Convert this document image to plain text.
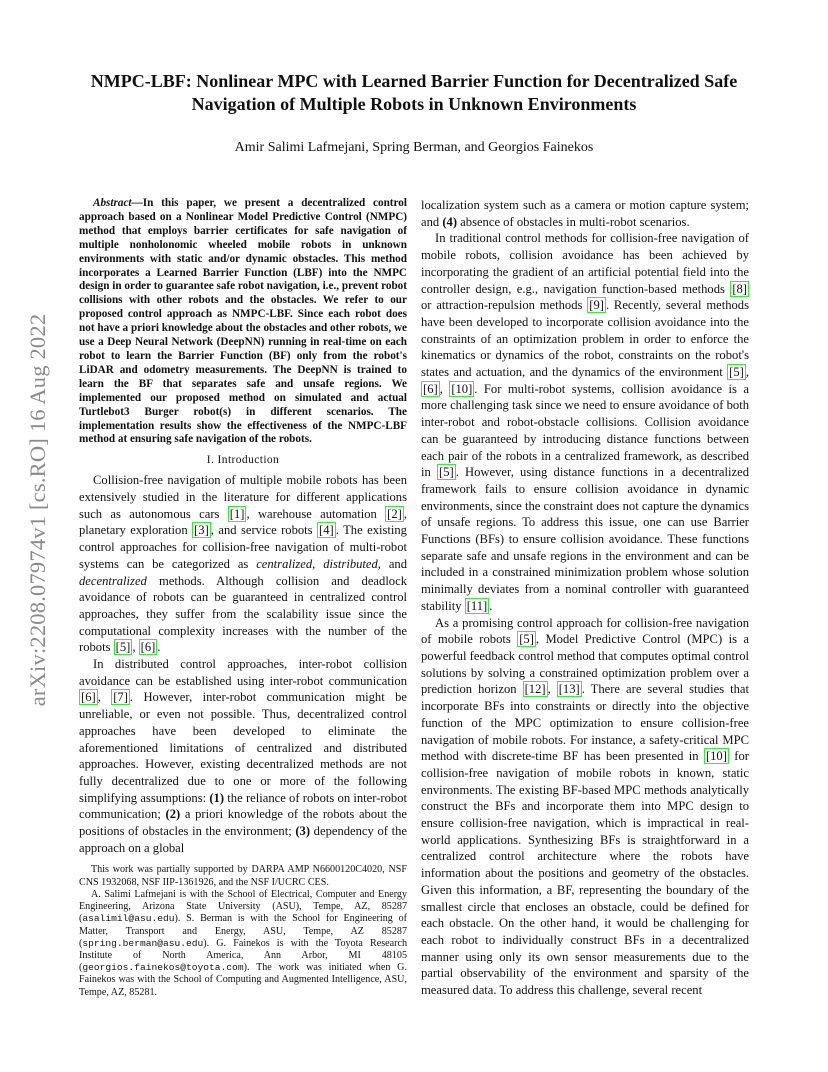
NMPC-LBF: Nonlinear MPC with Learned Barrier Function for Decentralized Safe
Navigation of Multiple Robots in Unknown Environments
Amir Salimi Lafmejani, Spring Berman, and Georgios Fainekos
arXiv:2208.07974v1 [cs.RO] 16 Aug 2022

Abstract—In this paper, we present a decentralized control approach based on a Nonlinear Model Predictive Control (NMPC) method that employs barrier certificates for safe navigation of multiple nonholonomic wheeled mobile robots in unknown environments with static and/or dynamic obstacles. This method incorporates a Learned Barrier Function (LBF) into the NMPC design in order to guarantee safe robot navigation, i.e., prevent robot collisions with other robots and the obstacles. We refer to our proposed control approach as NMPC-LBF. Since each robot does not have a priori knowledge about the obstacles and other robots, we use a Deep Neural Network (DeepNN) running in real-time on each robot to learn the Barrier Function (BF) only from the robot's LiDAR and odometry measurements. The DeepNN is trained to learn the BF that separates safe and unsafe regions. We implemented our proposed method on simulated and actual Turtlebot3 Burger robot(s) in different scenarios. The implementation results show the effectiveness of the NMPC-LBF method at ensuring safe navigation of the robots.

I. Introduction

Collision-free navigation of multiple mobile robots has been extensively studied in the literature for different applications such as autonomous cars [1] , warehouse automation [2] , planetary exploration [3] , and service robots [4] . The existing control approaches for collision-free navigation of multi-robot systems can be categorized as centralized, distributed, and decentralized methods. Although collision and deadlock avoidance of robots can be guaranteed in centralized control approaches, they suffer from the scalability issue since the computational complexity increases with the number of the robots [5] , [6] .

In distributed control approaches, inter-robot collision avoidance can be established using inter-robot communication [6] , [7] . However, inter-robot communication might be unreliable, or even not possible. Thus, decentralized control approaches have been developed to eliminate the aforementioned limitations of centralized and distributed approaches. However, existing decentralized methods are not fully decentralized due to one or more of the following simplifying assumptions: (1) the reliance of robots on inter-robot communication; (2) a priori knowledge of the robots about the positions of obstacles in the environment; (3) dependency of the approach on a global

This work was partially supported by DARPA AMP N6600120C4020, NSF CNS 1932068, NSF IIP-1361926, and the NSF I/UCRC CES.

A. Salimi Lafmejani is with the School of Electrical, Computer and Energy Engineering, Arizona State University (ASU), Tempe, AZ, 85287 (asalimil@asu.edu). S. Berman is with the School for Engineering of Matter, Transport and Energy, ASU, Tempe, AZ 85287 (spring.berman@asu.edu). G. Fainekos is with the Toyota Research Institute of North America, Ann Arbor, MI 48105 (georgios.fainekos@toyota.com). The work was initiated when G. Fainekos was with the School of Computing and Augmented Intelligence, ASU, Tempe, AZ, 85281.

localization system such as a camera or motion capture system; and (4) absence of obstacles in multi-robot scenarios.

In traditional control methods for collision-free navigation of mobile robots, collision avoidance has been achieved by incorporating the gradient of an artificial potential field into the controller design, e.g., navigation function-based methods [8] or attraction-repulsion methods [9] . Recently, several methods have been developed to incorporate collision avoidance into the constraints of an optimization problem in order to enforce the kinematics or dynamics of the robot, constraints on the robot's states and actuation, and the dynamics of the environment [5] , [6] , [10] . For multi-robot systems, collision avoidance is a more challenging task since we need to ensure avoidance of both inter-robot and robot-obstacle collisions. Collision avoidance can be guaranteed by introducing distance functions between each pair of the robots in a centralized framework, as described in [5] . However, using distance functions in a decentralized framework fails to ensure collision avoidance in dynamic environments, since the constraint does not capture the dynamics of unsafe regions. To address this issue, one can use Barrier Functions (BFs) to ensure collision avoidance. These functions separate safe and unsafe regions in the environment and can be included in a constrained minimization problem whose solution minimally deviates from a nominal controller with guaranteed stability [11] .

As a promising control approach for collision-free navigation of mobile robots [5] , Model Predictive Control (MPC) is a powerful feedback control method that computes optimal control solutions by solving a constrained optimization problem over a prediction horizon [12] , [13] . There are several studies that incorporate BFs into constraints or directly into the objective function of the MPC optimization to ensure collision-free navigation of mobile robots. For instance, a safety-critical MPC method with discrete-time BF has been presented in [10] for collision-free navigation of mobile robots in known, static environments. The existing BF-based MPC methods analytically construct the BFs and incorporate them into MPC design to ensure collision-free navigation, which is impractical in real-world applications. Synthesizing BFs is straightforward in a centralized control architecture where the robots have information about the positions and geometry of the obstacles. Given this information, a BF, representing the boundary of the smallest circle that encloses an obstacle, could be defined for each obstacle. On the other hand, it would be challenging for each robot to individually construct BFs in a decentralized manner using only its own sensor measurements due to the partial observability of the environment and sparsity of the measured data. To address this challenge, several recent
